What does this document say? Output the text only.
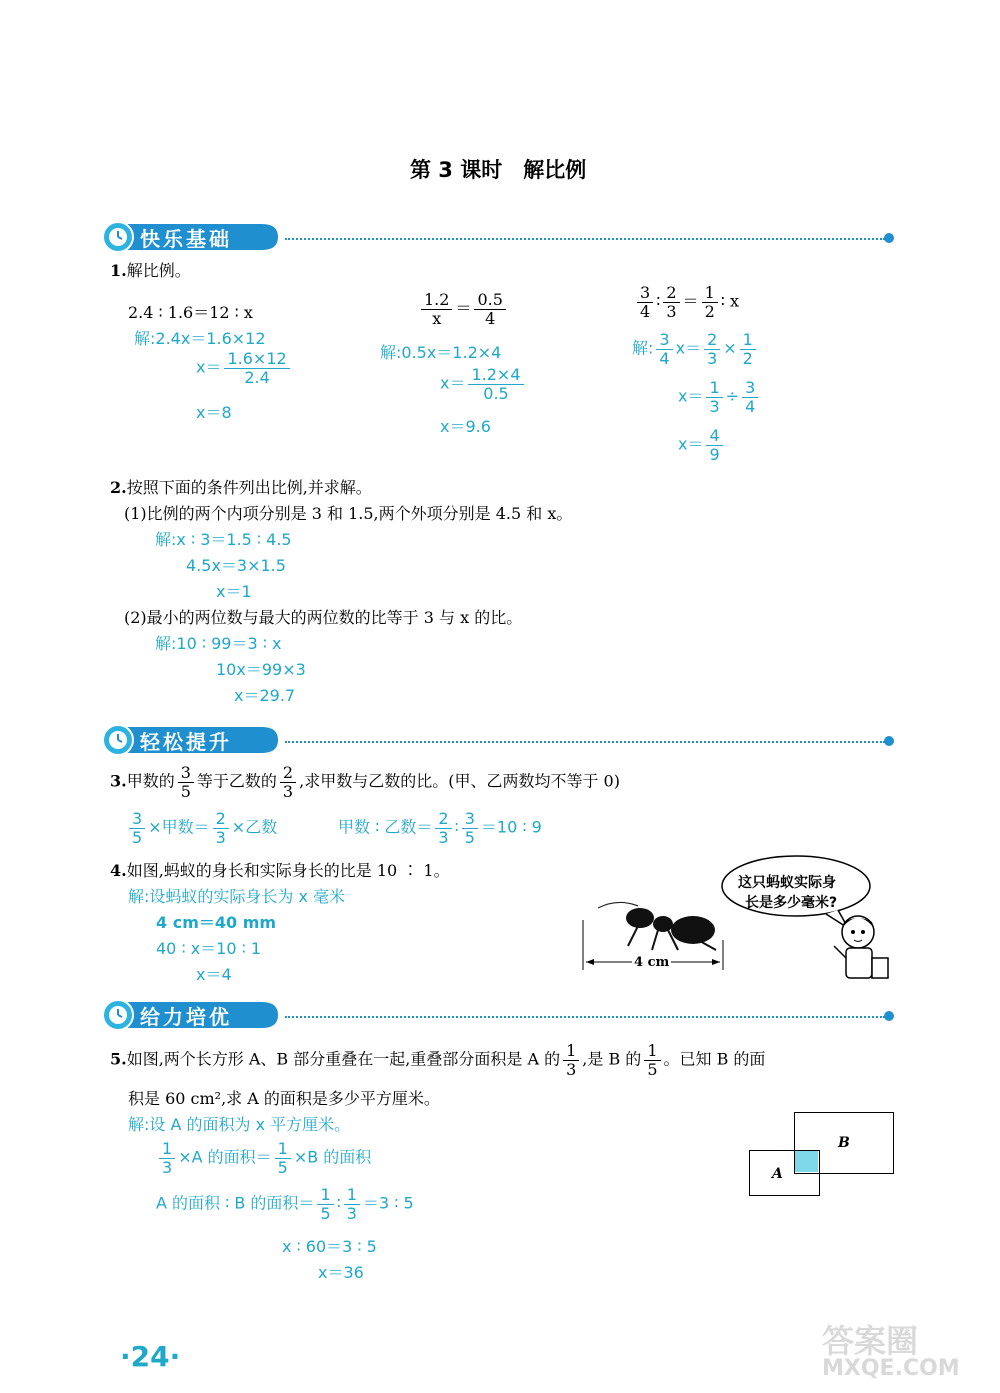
第 3 课时　解比例
快乐基础
1.解比例。
2.4 ∶ 1.6＝12 ∶ x
解:2.4x＝1.6×12
$x= \frac{1.6\times 12}{2.4}$
x＝8
$\frac{1.2}{x} = \frac{0.5}{4}$
解:0.5x＝1.2×4
$x= \frac{1.2\times 4}{0.5}$
x＝9.6
$\frac{3}{4}$ ∶ $\frac{2}{3} = \frac{1}{2}$ ∶ x
解: $\frac{3}{4} x= \frac{2}{3} \times \frac{1}{2}$
$x= \frac{1}{3} \div \frac{3}{4}$
$x= \frac{4}{9}$
2.按照下面的条件列出比例,并求解。
(1)比例的两个内项分别是 3 和 1.5,两个外项分别是 4.5 和 x。
解:x ∶ 3＝1.5 ∶ 4.5
4.5x＝3×1.5
x＝1
(2)最小的两位数与最大的两位数的比等于 3 与 x 的比。
解:10 ∶ 99＝3 ∶ x
10x＝99×3
x＝29.7
轻松提升
3.甲数的 $\frac{3}{5}$ 等于乙数的 $\frac{2}{3}$ ,求甲数与乙数的比。(甲、乙两数均不等于 0)
$\frac{3}{5}$ ×甲数＝ $\frac{2}{3}$ ×乙数	甲数 ∶ 乙数＝ $\frac{2}{3}$ ∶ $\frac{3}{5} =10$ ∶ 9
4.如图,蚂蚁的身长和实际身长的比是 10 ∶ 1。
解:设蚂蚁的实际身长为 x 毫米
4 cm＝40 mm
40 ∶ x＝10 ∶ 1
x＝4
4 cm
这只蚂蚁实际身
长是多少毫米?
给力培优
5.如图,两个长方形 A、B 部分重叠在一起,重叠部分面积是 A 的 $\frac{1}{3}$ ,是 B 的 $\frac{1}{5}$ 。已知 B 的面
积是 60 cm²,求 A 的面积是多少平方厘米。
解:设 A 的面积为 x 平方厘米。
$\frac{1}{3} \times A$ 的面积＝ $\frac{1}{5} \times B$ 的面积
A 的面积 ∶ B 的面积＝ $\frac{1}{5}$ ∶ $\frac{1}{3} =3$ ∶ 5
x ∶ 60＝3 ∶ 5
x＝36
B
A
·24·	答案圈
MXQE.COM
